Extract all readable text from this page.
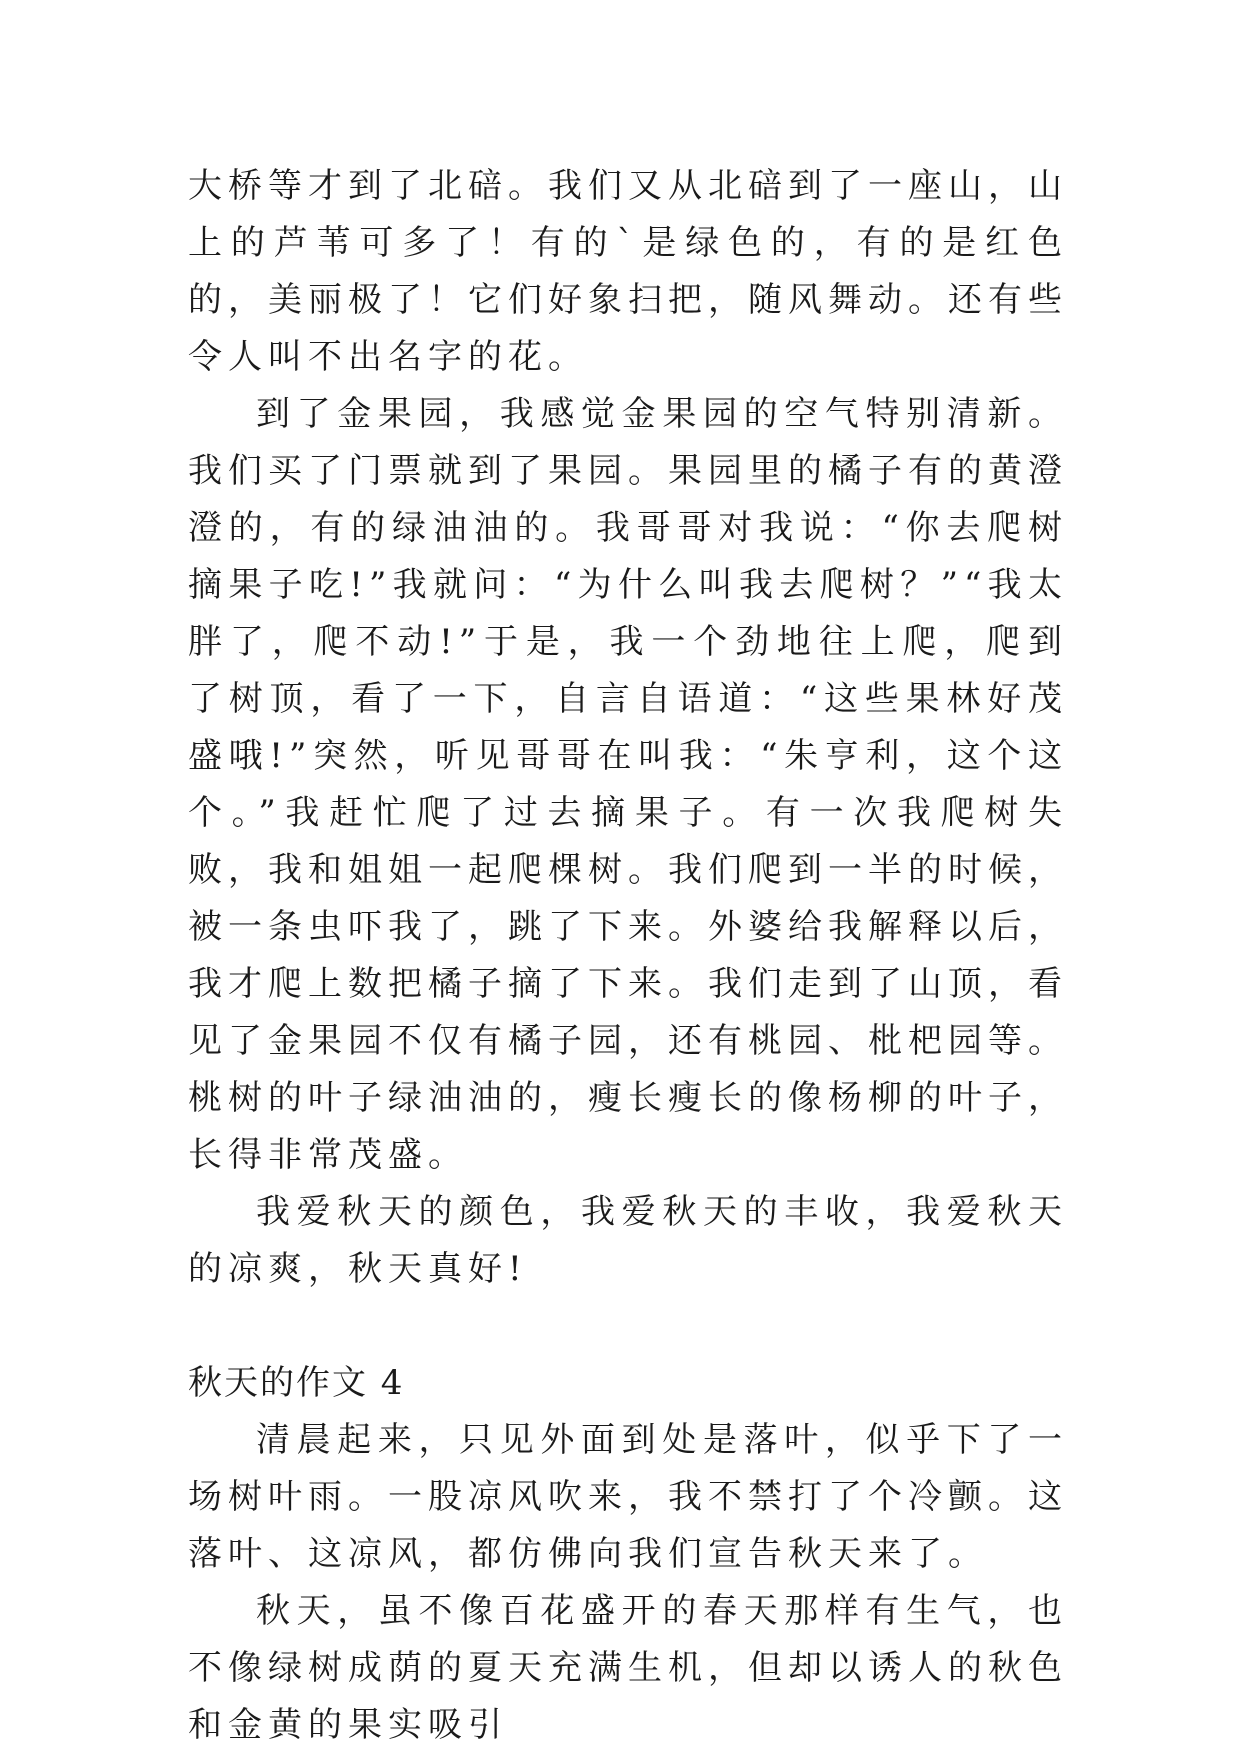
大桥等才到了北碚。我们又从北碚到了一座山，山上的芦苇可多了！有的`是绿色的，有的是红色的，美丽极了！它们好象扫把，随风舞动。还有些令人叫不出名字的花。

到了金果园，我感觉金果园的空气特别清新。我们买了门票就到了果园。果园里的橘子有的黄澄澄的，有的绿油油的。我哥哥对我说：“你去爬树摘果子吃!”我就问：“为什么叫我去爬树？”“我太胖了，爬不动!”于是，我一个劲地往上爬，爬到了树顶，看了一下，自言自语道：“这些果林好茂盛哦!”突然，听见哥哥在叫我：“朱亨利，这个这个。”我赶忙爬了过去摘果子。有一次我爬树失败，我和姐姐一起爬棵树。我们爬到一半的时候，被一条虫吓我了，跳了下来。外婆给我解释以后，我才爬上数把橘子摘了下来。我们走到了山顶，看见了金果园不仅有橘子园，还有桃园、枇杷园等。桃树的叶子绿油油的，瘦长瘦长的像杨柳的叶子，长得非常茂盛。

我爱秋天的颜色，我爱秋天的丰收，我爱秋天的凉爽，秋天真好!

秋天的作文 4

清晨起来，只见外面到处是落叶，似乎下了一场树叶雨。一股凉风吹来，我不禁打了个冷颤。这落叶、这凉风，都仿佛向我们宣告秋天来了。

秋天，虽不像百花盛开的春天那样有生气，也不像绿树成荫的夏天充满生机，但却以诱人的秋色和金黄的果实吸引
